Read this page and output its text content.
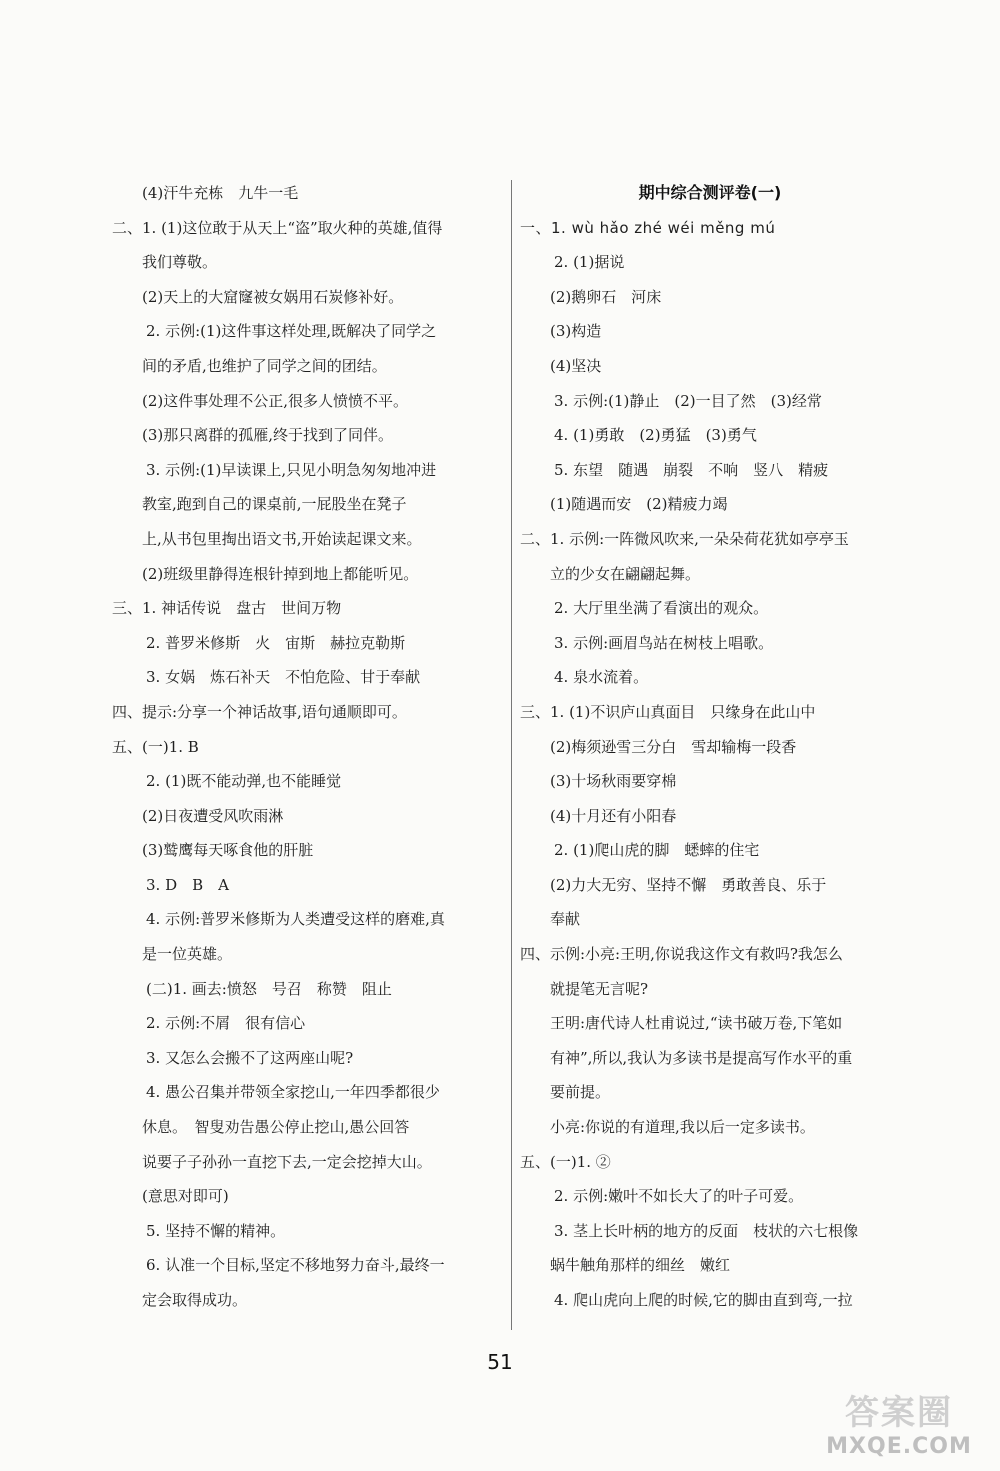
(4)汗牛充栋　九牛一毛
二、1. (1)这位敢于从天上“盗”取火种的英雄,值得
我们尊敬。
(2)天上的大窟窿被女娲用石炭修补好。
2. 示例:(1)这件事这样处理,既解决了同学之
间的矛盾,也维护了同学之间的团结。
(2)这件事处理不公正,很多人愤愤不平。
(3)那只离群的孤雁,终于找到了同伴。
3. 示例:(1)早读课上,只见小明急匆匆地冲进
教室,跑到自己的课桌前,一屁股坐在凳子
上,从书包里掏出语文书,开始读起课文来。
(2)班级里静得连根针掉到地上都能听见。
三、1. 神话传说　盘古　世间万物
2. 普罗米修斯　火　宙斯　赫拉克勒斯
3. 女娲　炼石补天　不怕危险、甘于奉献
四、提示:分享一个神话故事,语句通顺即可。
五、(一)1. B
2. (1)既不能动弹,也不能睡觉
(2)日夜遭受风吹雨淋
(3)鹫鹰每天啄食他的肝脏
3. D　B　A
4. 示例:普罗米修斯为人类遭受这样的磨难,真
是一位英雄。
(二)1. 画去:愤怒　号召　称赞　阻止
2. 示例:不屑　很有信心
3. 又怎么会搬不了这两座山呢?
4. 愚公召集并带领全家挖山,一年四季都很少
休息。　智叟劝告愚公停止挖山,愚公回答
说要子子孙孙一直挖下去,一定会挖掉大山。
(意思对即可)
5. 坚持不懈的精神。
6. 认准一个目标,坚定不移地努力奋斗,最终一
定会取得成功。
期中综合测评卷(一)
一、1. wù hǎo zhé wéi měng mú
2. (1)据说
(2)鹅卵石　河床
(3)构造
(4)坚决
3. 示例:(1)静止　(2)一目了然　(3)经常
4. (1)勇敢　(2)勇猛　(3)勇气
5. 东望　随遇　崩裂　不响　竖八　精疲
(1)随遇而安　(2)精疲力竭
二、1. 示例:一阵微风吹来,一朵朵荷花犹如亭亭玉
立的少女在翩翩起舞。
2. 大厅里坐满了看演出的观众。
3. 示例:画眉鸟站在树枝上唱歌。
4. 泉水流着。
三、1. (1)不识庐山真面目　只缘身在此山中
(2)梅须逊雪三分白　雪却输梅一段香
(3)十场秋雨要穿棉
(4)十月还有小阳春
2. (1)爬山虎的脚　蟋蟀的住宅
(2)力大无穷、坚持不懈　勇敢善良、乐于
奉献
四、示例:小亮:王明,你说我这作文有救吗?我怎么
就提笔无言呢?
王明:唐代诗人杜甫说过,“读书破万卷,下笔如
有神”,所以,我认为多读书是提高写作水平的重
要前提。
小亮:你说的有道理,我以后一定多读书。
五、(一)1. ②
2. 示例:嫩叶不如长大了的叶子可爱。
3. 茎上长叶柄的地方的反面　枝状的六七根像
蜗牛触角那样的细丝　嫩红
4. 爬山虎向上爬的时候,它的脚由直到弯,一拉
51
答案圈
MXQE.COM
